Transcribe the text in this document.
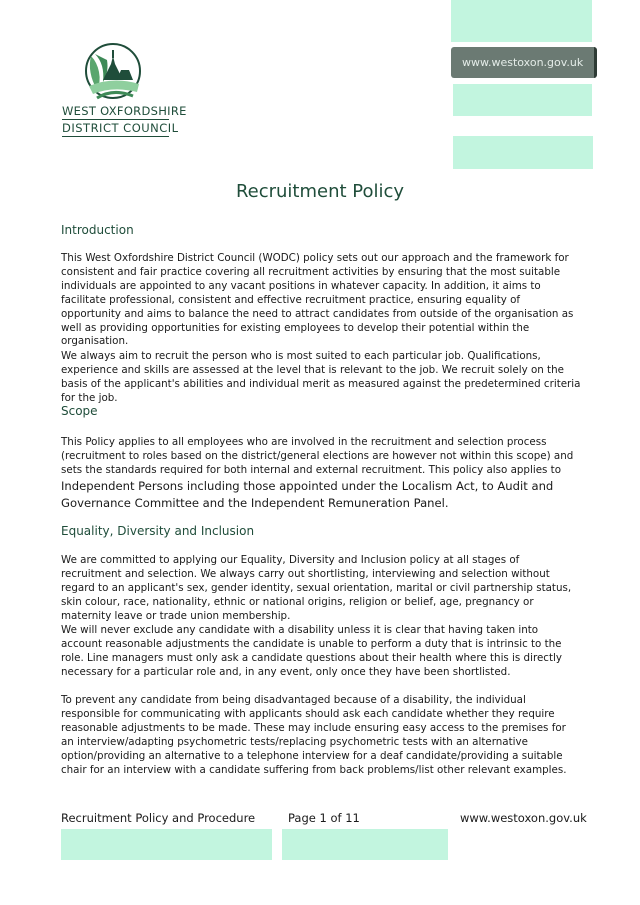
www.westoxon.gov.uk
WEST OXFORDSHIRE
DISTRICT COUNCIL
Recruitment Policy
Introduction
This West Oxfordshire District Council (WODC) policy sets out our approach and the framework for consistent and fair practice covering all recruitment activities by ensuring that the most suitable individuals are appointed to any vacant positions in whatever capacity. In addition, it aims to facilitate professional, consistent and effective recruitment practice, ensuring equality of opportunity and aims to balance the need to attract candidates from outside of the organisation as well as providing opportunities for existing employees to develop their potential within the organisation.
We always aim to recruit the person who is most suited to each particular job. Qualifications, experience and skills are assessed at the level that is relevant to the job. We recruit solely on the basis of the applicant's abilities and individual merit as measured against the predetermined criteria for the job.
Scope
This Policy applies to all employees who are involved in the recruitment and selection process (recruitment to roles based on the district/general elections are however not within this scope) and sets the standards required for both internal and external recruitment. This policy also applies to Independent Persons including those appointed under the Localism Act, to Audit and Governance Committee and the Independent Remuneration Panel.
Equality, Diversity and Inclusion
We are committed to applying our Equality, Diversity and Inclusion policy at all stages of recruitment and selection. We always carry out shortlisting, interviewing and selection without regard to an applicant's sex, gender identity, sexual orientation, marital or civil partnership status, skin colour, race, nationality, ethnic or national origins, religion or belief, age, pregnancy or maternity leave or trade union membership.
We will never exclude any candidate with a disability unless it is clear that having taken into account reasonable adjustments the candidate is unable to perform a duty that is intrinsic to the role. Line managers must only ask a candidate questions about their health where this is directly necessary for a particular role and, in any event, only once they have been shortlisted.
To prevent any candidate from being disadvantaged because of a disability, the individual responsible for communicating with applicants should ask each candidate whether they require reasonable adjustments to be made. These may include ensuring easy access to the premises for an interview/adapting psychometric tests/replacing psychometric tests with an alternative option/providing an alternative to a telephone interview for a deaf candidate/providing a suitable chair for an interview with a candidate suffering from back problems/list other relevant examples.
Recruitment Policy and Procedure	Page 1 of 11	www.westoxon.gov.uk
